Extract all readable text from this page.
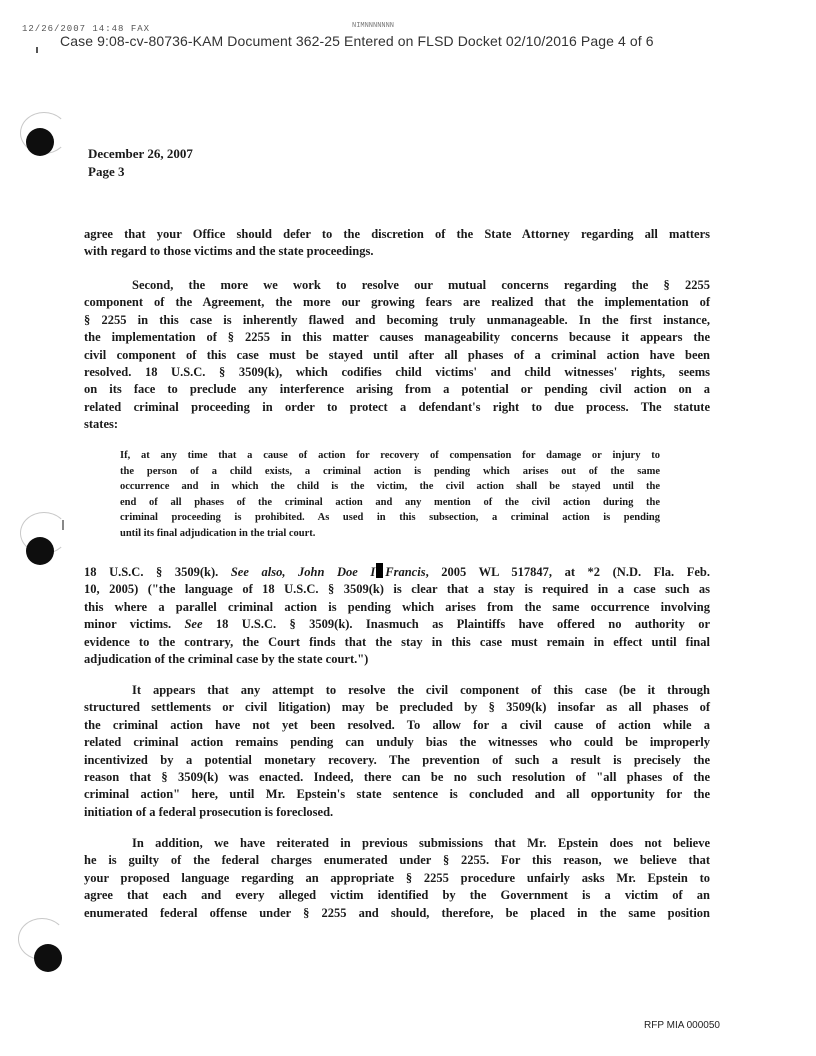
12/26/2007 14:48 FAX	NIMNNNNNNN
Case 9:08-cv-80736-KAM Document 362-25 Entered on FLSD Docket 02/10/2016 Page 4 of 6
December 26, 2007
Page 3
agree that your Office should defer to the discretion of the State Attorney regarding all matters
with regard to those victims and the state proceedings.
Second, the more we work to resolve our mutual concerns regarding the § 2255
component of the Agreement, the more our growing fears are realized that the implementation of
§ 2255 in this case is inherently flawed and becoming truly unmanageable. In the first instance,
the implementation of § 2255 in this matter causes manageability concerns because it appears the
civil component of this case must be stayed until after all phases of a criminal action have been
resolved. 18 U.S.C. § 3509(k), which codifies child victims' and child witnesses' rights, seems
on its face to preclude any interference arising from a potential or pending civil action on a
related criminal proceeding in order to protect a defendant's right to due process. The statute
states:
If, at any time that a cause of action for recovery of compensation for damage or injury to
the person of a child exists, a criminal action is pending which arises out of the same
occurrence and in which the child is the victim, the civil action shall be stayed until the
end of all phases of the criminal action and any mention of the civil action during the
criminal proceeding is prohibited. As used in this subsection, a criminal action is pending
until its final adjudication in the trial court.
18 U.S.C. § 3509(k). See also, John Doe I Francis, 2005 WL 517847, at *2 (N.D. Fla. Feb.
10, 2005) ("the language of 18 U.S.C. § 3509(k) is clear that a stay is required in a case such as
this where a parallel criminal action is pending which arises from the same occurrence involving
minor victims. See 18 U.S.C. § 3509(k). Inasmuch as Plaintiffs have offered no authority or
evidence to the contrary, the Court finds that the stay in this case must remain in effect until final
adjudication of the criminal case by the state court.")
It appears that any attempt to resolve the civil component of this case (be it through
structured settlements or civil litigation) may be precluded by § 3509(k) insofar as all phases of
the criminal action have not yet been resolved. To allow for a civil cause of action while a
related criminal action remains pending can unduly bias the witnesses who could be improperly
incentivized by a potential monetary recovery. The prevention of such a result is precisely the
reason that § 3509(k) was enacted. Indeed, there can be no such resolution of "all phases of the
criminal action" here, until Mr. Epstein's state sentence is concluded and all opportunity for the
initiation of a federal prosecution is foreclosed.
In addition, we have reiterated in previous submissions that Mr. Epstein does not believe
he is guilty of the federal charges enumerated under § 2255. For this reason, we believe that
your proposed language regarding an appropriate § 2255 procedure unfairly asks Mr. Epstein to
agree that each and every alleged victim identified by the Government is a victim of an
enumerated federal offense under § 2255 and should, therefore, be placed in the same position
RFP MIA 000050
